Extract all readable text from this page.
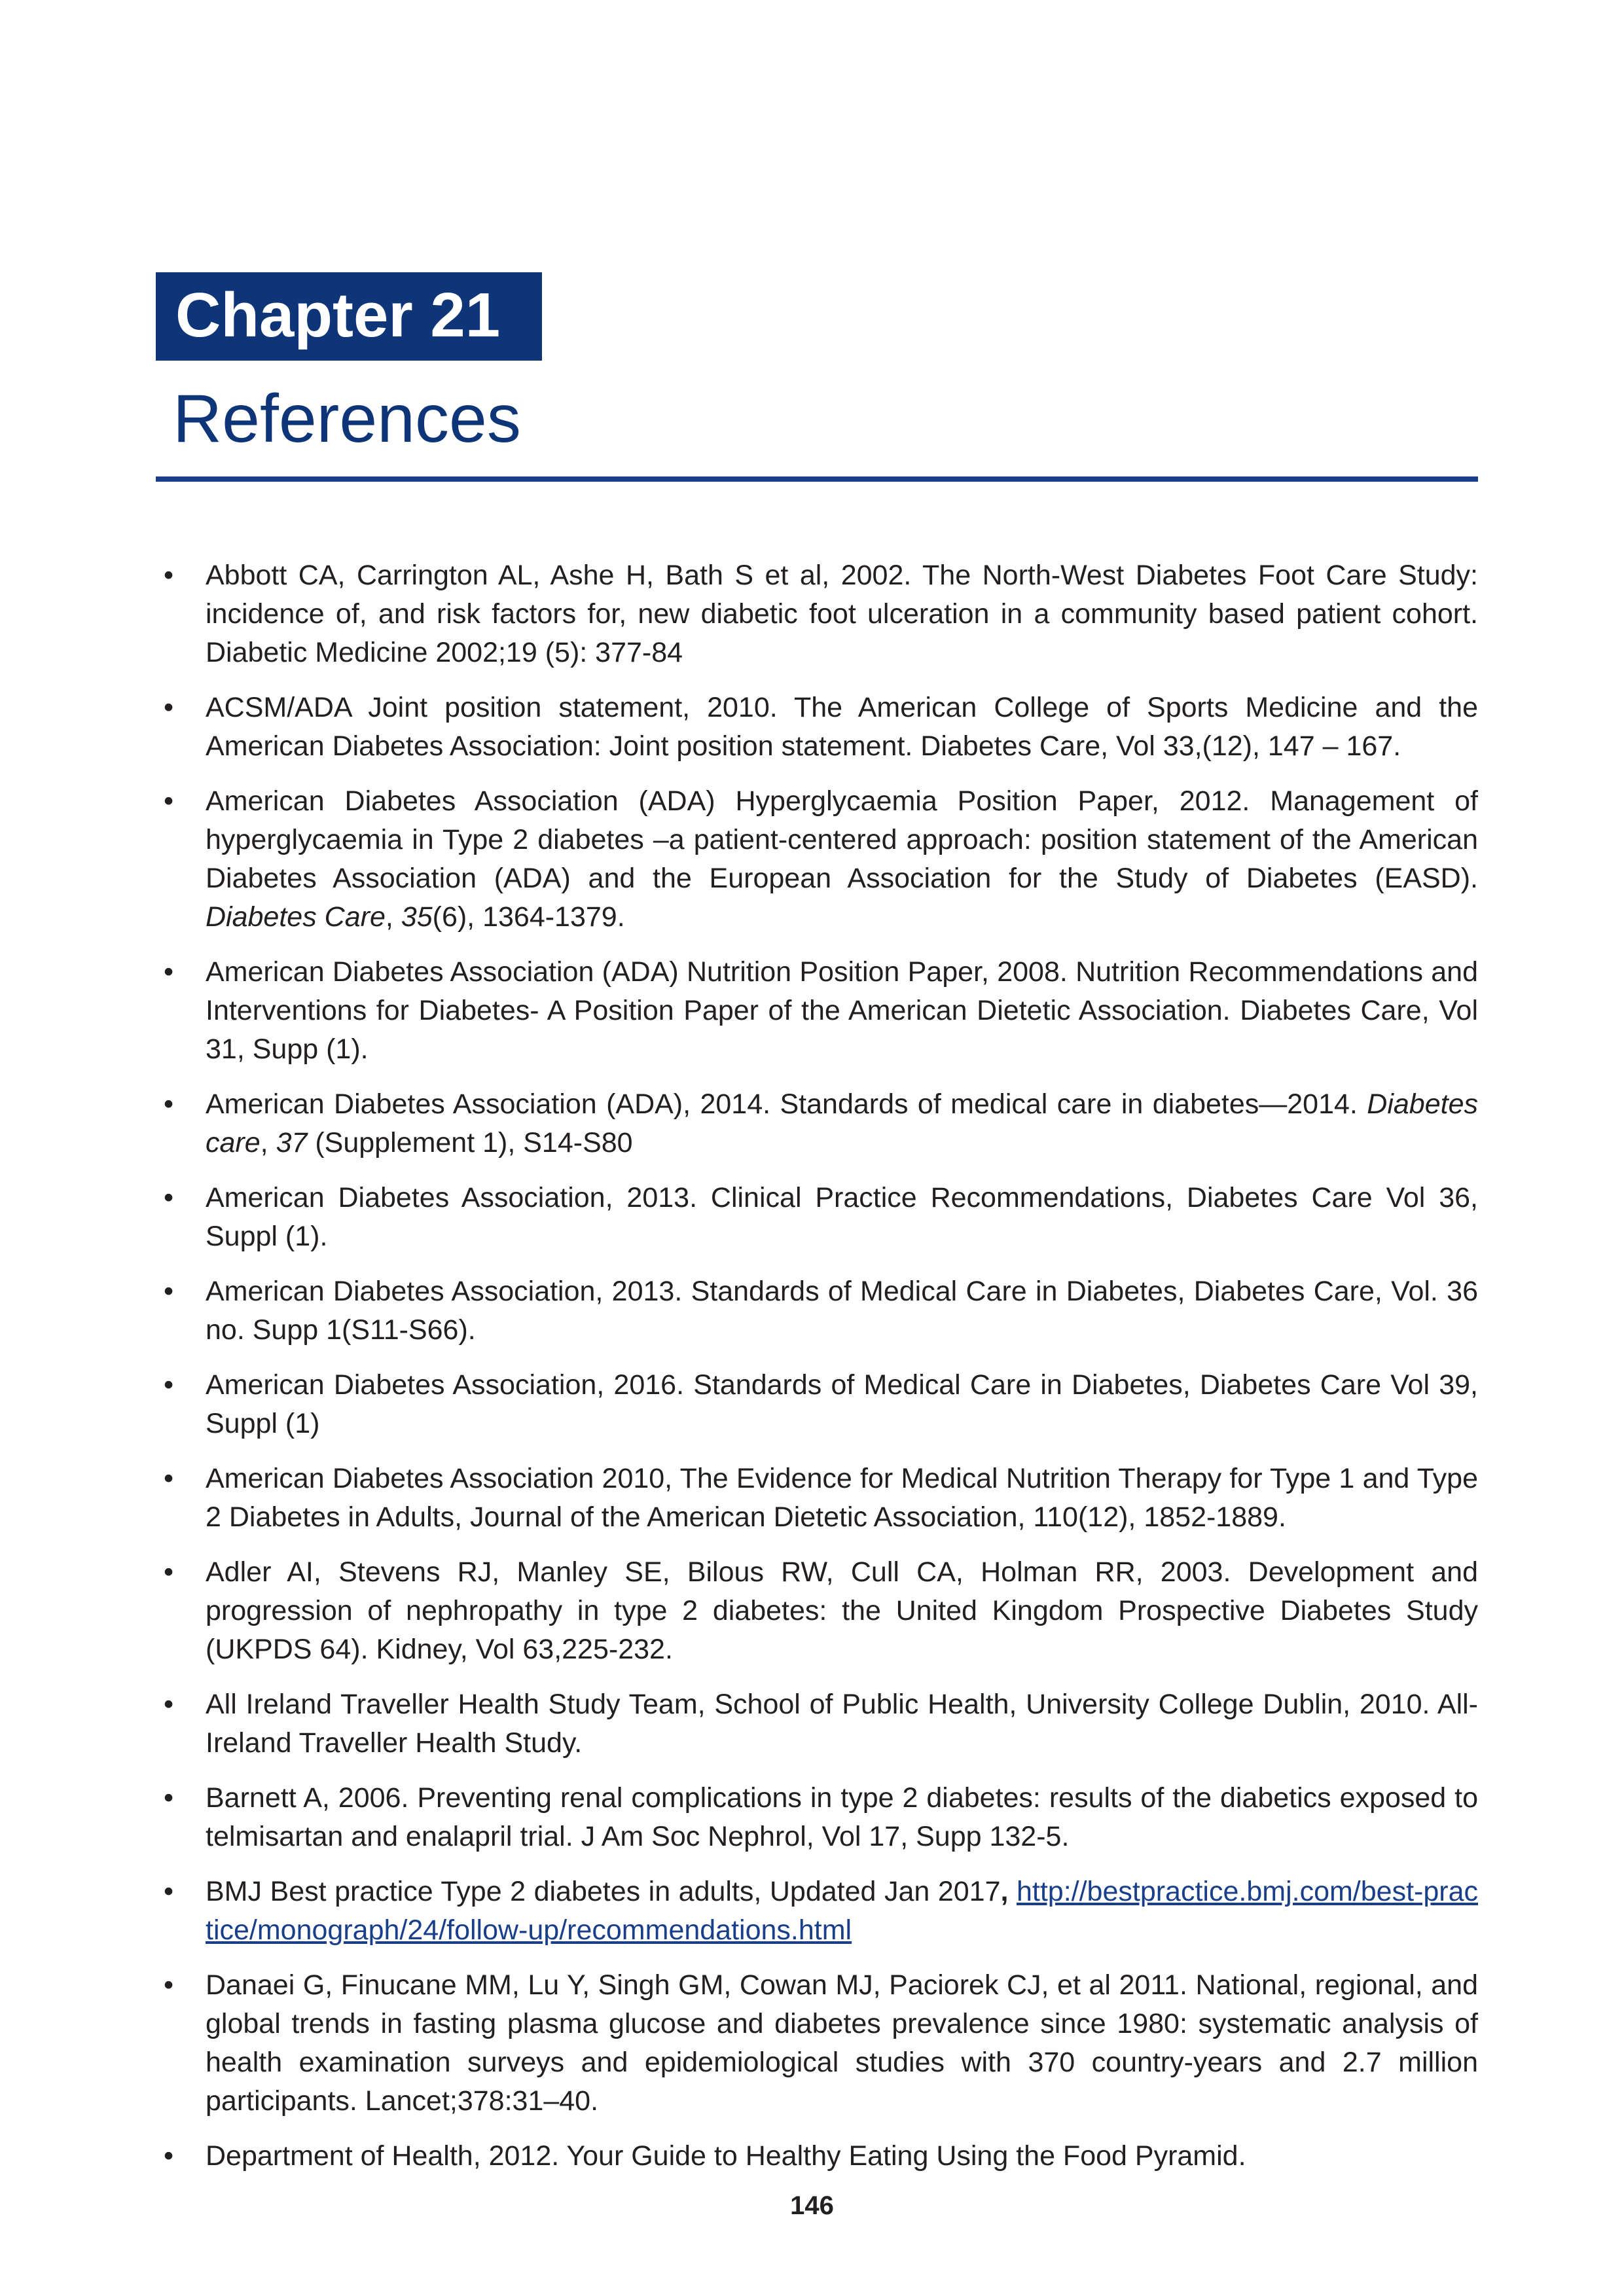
Chapter 21
References
• Abbott CA, Carrington AL, Ashe H, Bath S et al, 2002. The North-West Diabetes Foot Care Study: incidence of, and risk factors for, new diabetic foot ulceration in a community based patient cohort. Diabetic Medicine 2002;19 (5): 377-84
• ACSM/ADA Joint position statement, 2010. The American College of Sports Medicine and the American Diabetes Association: Joint position statement. Diabetes Care, Vol 33,(12), 147 – 167.
• American Diabetes Association (ADA) Hyperglycaemia Position Paper, 2012. Management of hyperglycaemia in Type 2 diabetes –a patient-centered approach: position statement of the American Diabetes Association (ADA) and the European Association for the Study of Diabetes (EASD). Diabetes Care, 35(6), 1364-1379.
• American Diabetes Association (ADA) Nutrition Position Paper, 2008. Nutrition Recommendations and Interventions for Diabetes- A Position Paper of the American Dietetic Association. Diabetes Care, Vol 31, Supp (1).
• American Diabetes Association (ADA), 2014. Standards of medical care in diabetes—2014. Diabetes care, 37 (Supplement 1), S14-S80
• American Diabetes Association, 2013. Clinical Practice Recommendations, Diabetes Care Vol 36, Suppl (1).
• American Diabetes Association, 2013. Standards of Medical Care in Diabetes, Diabetes Care, Vol. 36 no. Supp 1(S11-S66).
• American Diabetes Association, 2016. Standards of Medical Care in Diabetes, Diabetes Care Vol 39, Suppl (1)
• American Diabetes Association 2010, The Evidence for Medical Nutrition Therapy for Type 1 and Type 2 Diabetes in Adults, Journal of the American Dietetic Association, 110(12), 1852-1889.
• Adler AI, Stevens RJ, Manley SE, Bilous RW, Cull CA, Holman RR, 2003. Development and progression of nephropathy in type 2 diabetes: the United Kingdom Prospective Diabetes Study (UKPDS 64). Kidney, Vol 63,225-232.
• All Ireland Traveller Health Study Team, School of Public Health, University College Dublin, 2010. All-Ireland Traveller Health Study.
• Barnett A, 2006. Preventing renal complications in type 2 diabetes: results of the diabetics exposed to telmisartan and enalapril trial. J Am Soc Nephrol, Vol 17, Supp 132-5.
• BMJ Best practice Type 2 diabetes in adults, Updated Jan 2017, http://bestpractice.bmj.com/best-practice/monograph/24/follow-up/recommendations.html
• Danaei G, Finucane MM, Lu Y, Singh GM, Cowan MJ, Paciorek CJ, et al 2011. National, regional, and global trends in fasting plasma glucose and diabetes prevalence since 1980: systematic analysis of health examination surveys and epidemiological studies with 370 country-years and 2.7 million participants. Lancet;378:31–40.
• Department of Health, 2012. Your Guide to Healthy Eating Using the Food Pyramid.
146
